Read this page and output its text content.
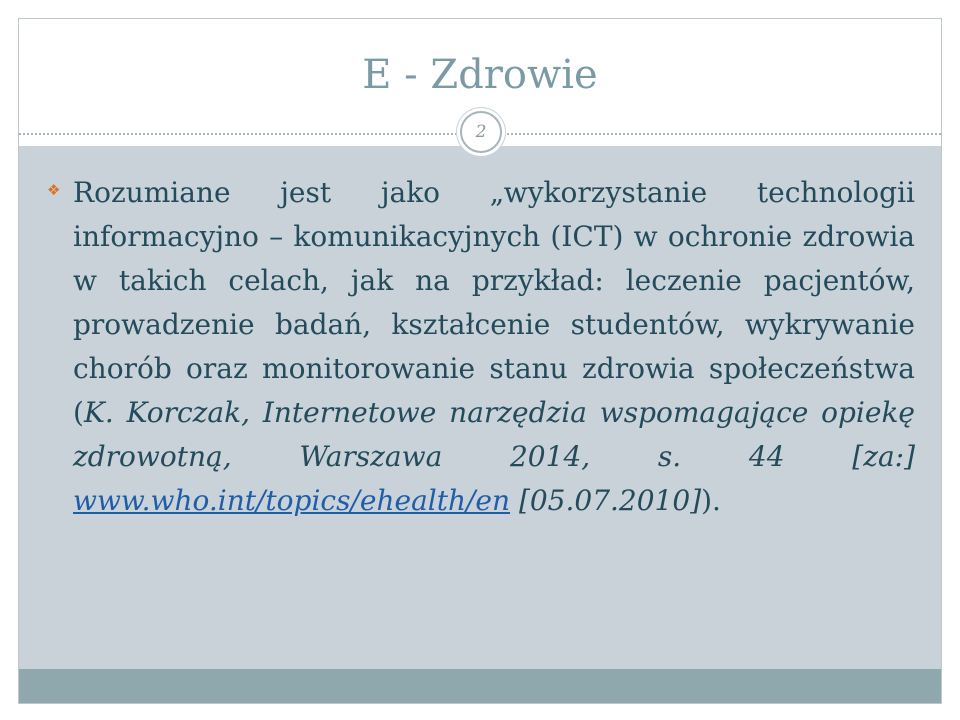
E - Zdrowie
2
❖ Rozumiane jest jako „wykorzystanie technologii informacyjno – komunikacyjnych (ICT) w ochronie zdrowia w takich celach, jak na przykład: leczenie pacjentów, prowadzenie badań, kształcenie studentów, wykrywanie chorób oraz monitorowanie stanu zdrowia społeczeństwa (K. Korczak, Internetowe narzędzia wspomagające opiekę zdrowotną, Warszawa 2014, s. 44 [za:] www.who.int/topics/ehealth/en [05.07.2010]).
